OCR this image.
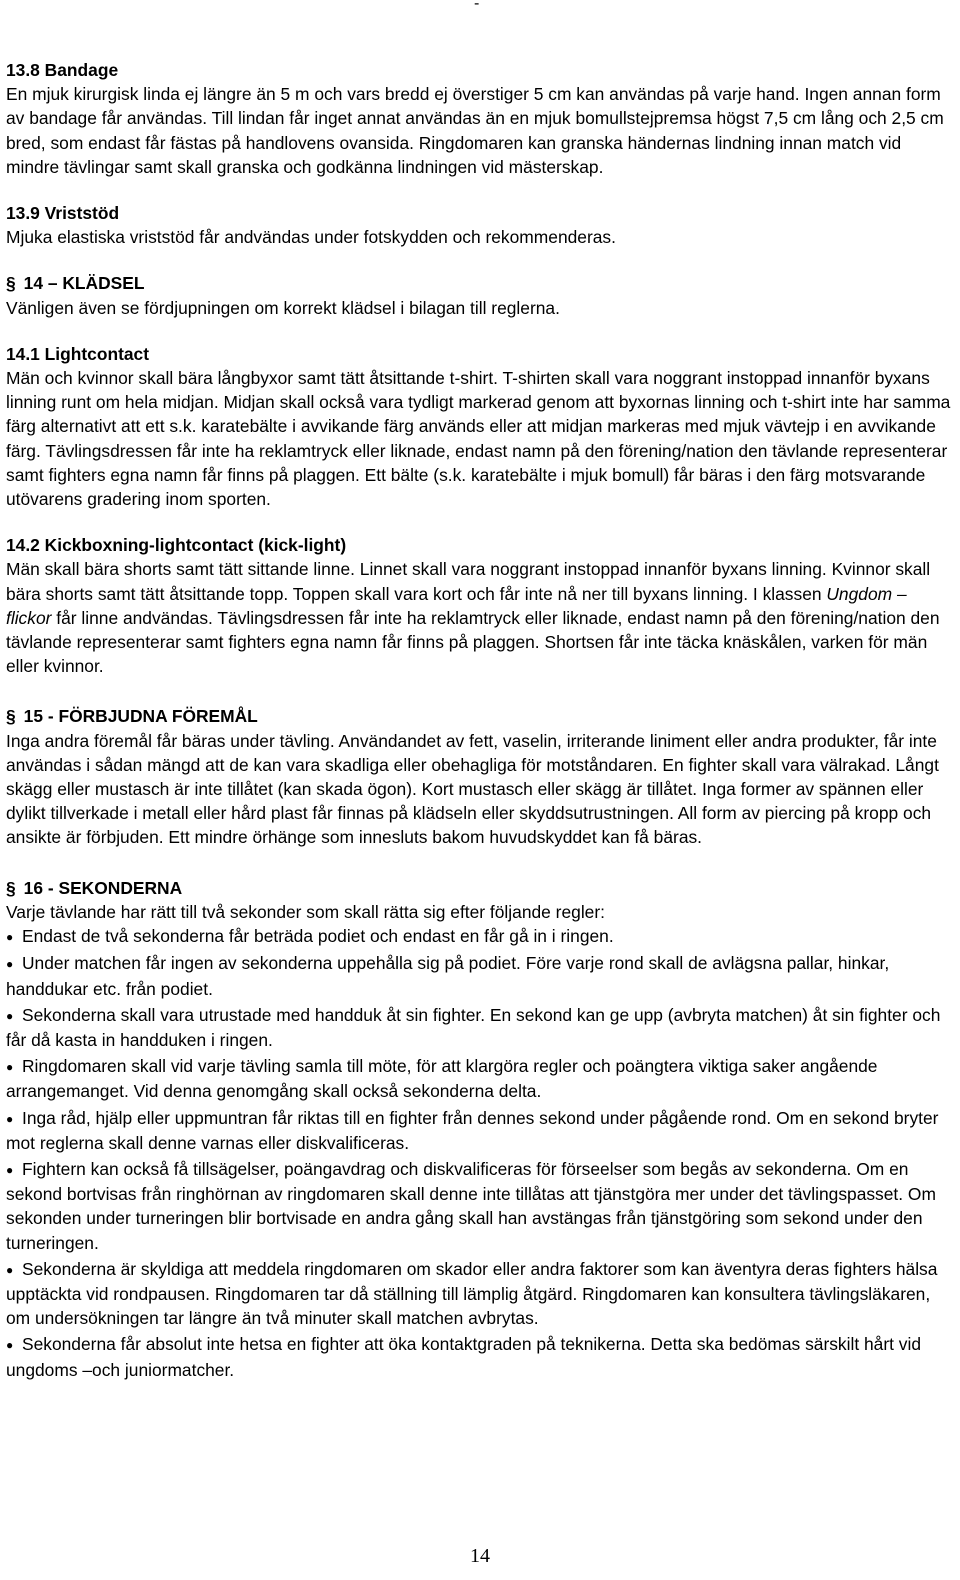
-

13.8 Bandage

En mjuk kirurgisk linda ej längre än 5 m och vars bredd ej överstiger 5 cm kan användas på varje hand. Ingen annan form av bandage får användas. Till lindan får inget annat användas än en mjuk bomullstejpremsa högst 7,5 cm lång och 2,5 cm bred, som endast får fästas på handlovens ovansida. Ringdomaren kan granska händernas lindning innan match vid mindre tävlingar samt skall granska och godkänna lindningen vid mästerskap.

13.9 Vriststöd

Mjuka elastiska vriststöd får andvändas under fotskydden och rekommenderas.

§ 14 – KLÄDSEL

Vänligen även se fördjupningen om korrekt klädsel i bilagan till reglerna.

14.1 Lightcontact

Män och kvinnor skall bära långbyxor samt tätt åtsittande t-shirt. T-shirten skall vara noggrant instoppad innanför byxans linning runt om hela midjan. Midjan skall också vara tydligt markerad genom att byxornas linning och t-shirt inte har samma färg alternativt att ett s.k. karatebälte i avvikande färg används eller att midjan markeras med mjuk vävtejp i en avvikande färg. Tävlingsdressen får inte ha reklamtryck eller liknade, endast namn på den förening/nation den tävlande representerar samt fighters egna namn får finns på plaggen. Ett bälte (s.k. karatebälte i mjuk bomull) får bäras i den färg motsvarande utövarens gradering inom sporten.

14.2 Kickboxning-lightcontact (kick-light)

Män skall bära shorts samt tätt sittande linne. Linnet skall vara noggrant instoppad innanför byxans linning. Kvinnor skall bära shorts samt tätt åtsittande topp. Toppen skall vara kort och får inte nå ner till byxans linning. I klassen Ungdom – flickor får linne andvändas. Tävlingsdressen får inte ha reklamtryck eller liknade, endast namn på den förening/nation den tävlande representerar samt fighters egna namn får finns på plaggen. Shortsen får inte täcka knäskålen, varken för män eller kvinnor.

§ 15 - FÖRBJUDNA FÖREMÅL

Inga andra föremål får bäras under tävling. Användandet av fett, vaselin, irriterande liniment eller andra produkter, får inte användas i sådan mängd att de kan vara skadliga eller obehagliga för motståndaren. En fighter skall vara välrakad. Långt skägg eller mustasch är inte tillåtet (kan skada ögon). Kort mustasch eller skägg är tillåtet. Inga former av spännen eller dylikt tillverkade i metall eller hård plast får finnas på klädseln eller skyddsutrustningen. All form av piercing på kropp och ansikte är förbjuden. Ett mindre örhänge som innesluts bakom huvudskyddet kan få bäras.

§ 16 - SEKONDERNA

Varje tävlande har rätt till två sekonder som skall rätta sig efter följande regler:

● Endast de två sekonderna får beträda podiet och endast en får gå in i ringen.
● Under matchen får ingen av sekonderna uppehålla sig på podiet. Före varje rond skall de avlägsna pallar, hinkar, handdukar etc. från podiet.
● Sekonderna skall vara utrustade med handduk åt sin fighter. En sekond kan ge upp (avbryta matchen) åt sin fighter och får då kasta in handduken i ringen.
● Ringdomaren skall vid varje tävling samla till möte, för att klargöra regler och poängtera viktiga saker angående arrangemanget. Vid denna genomgång skall också sekonderna delta.
● Inga råd, hjälp eller uppmuntran får riktas till en fighter från dennes sekond under pågående rond. Om en sekond bryter mot reglerna skall denne varnas eller diskvalificeras.
● Fightern kan också få tillsägelser, poängavdrag och diskvalificeras för förseelser som begås av sekonderna. Om en sekond bortvisas från ringhörnan av ringdomaren skall denne inte tillåtas att tjänstgöra mer under det tävlingspasset. Om sekonden under turneringen blir bortvisade en andra gång skall han avstängas från tjänstgöring som sekond under den turneringen.
● Sekonderna är skyldiga att meddela ringdomaren om skador eller andra faktorer som kan äventyra deras fighters hälsa upptäckta vid rondpausen. Ringdomaren tar då ställning till lämplig åtgärd. Ringdomaren kan konsultera tävlingsläkaren, om undersökningen tar längre än två minuter skall matchen avbrytas.
● Sekonderna får absolut inte hetsa en fighter att öka kontaktgraden på teknikerna. Detta ska bedömas särskilt hårt vid ungdoms –och juniormatcher.
14
